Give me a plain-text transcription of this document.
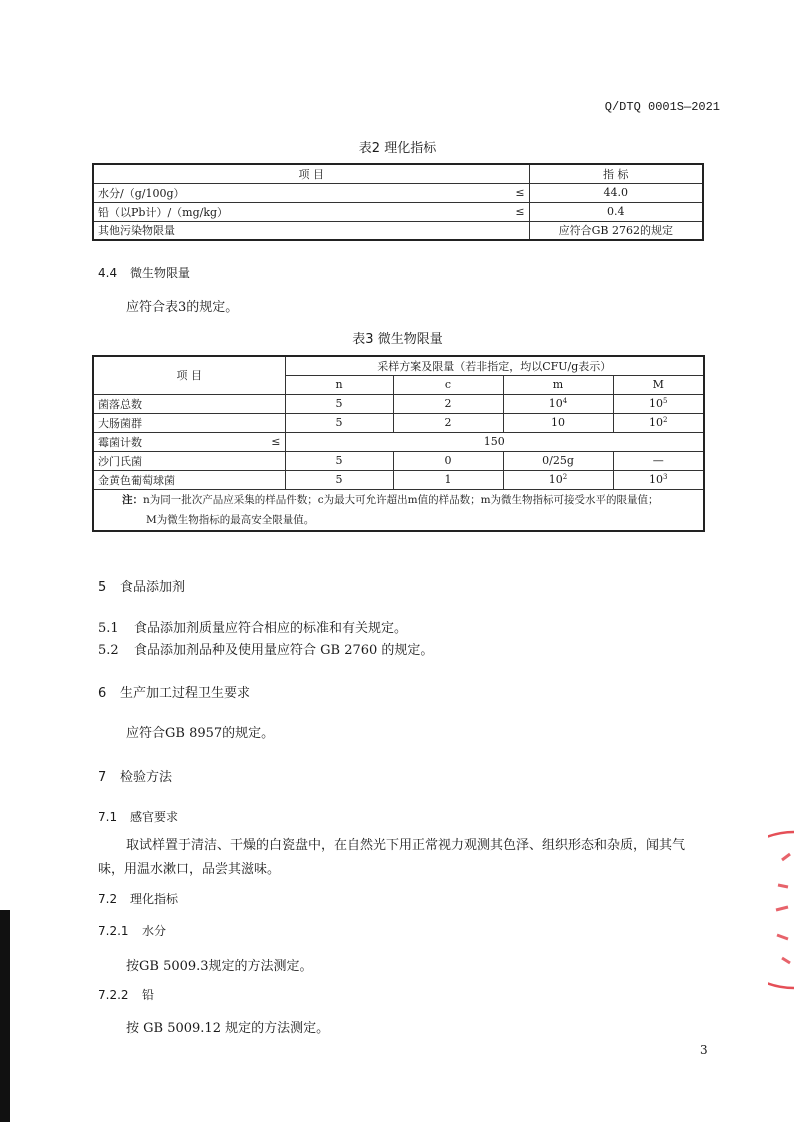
Q/DTQ 0001S—2021
表2 理化指标
项 目		指 标
水分/（g/100g）	≤	44.0
铅（以Pb计）/（mg/kg）	≤	0.4
其他污染物限量		应符合GB 2762的规定
4.4 微生物限量
应符合表3的规定。
表3 微生物限量
项 目		采样方案及限量（若非指定，均以CFU/g表示）			
		n	c	m	M
菌落总数		5	2	$10^4$	$10^5$
大肠菌群		5	2	10	$10^2$
霉菌计数	≤	150			
沙门氏菌		5	0	0/25g	—
金黄色葡萄球菌		5	1	$10^2$	$10^3$

注：n为同一批次产品应采集的样品件数；c为最大可允许超出m值的样品数；m为微生物指标可接受水平的限量值；
M为微生物指标的最高安全限量值。					
5 食品添加剂
5.1 食品添加剂质量应符合相应的标准和有关规定。
5.2 食品添加剂品种及使用量应符合 GB 2760 的规定。
6 生产加工过程卫生要求
应符合GB 8957的规定。
7 检验方法
7.1 感官要求
取试样置于清洁、干燥的白瓷盘中，在自然光下用正常视力观测其色泽、组织形态和杂质，闻其气
味，用温水漱口，品尝其滋味。
7.2 理化指标
7.2.1 水分
按GB 5009.3规定的方法测定。
7.2.2 铅
按 GB 5009.12 规定的方法测定。
3
